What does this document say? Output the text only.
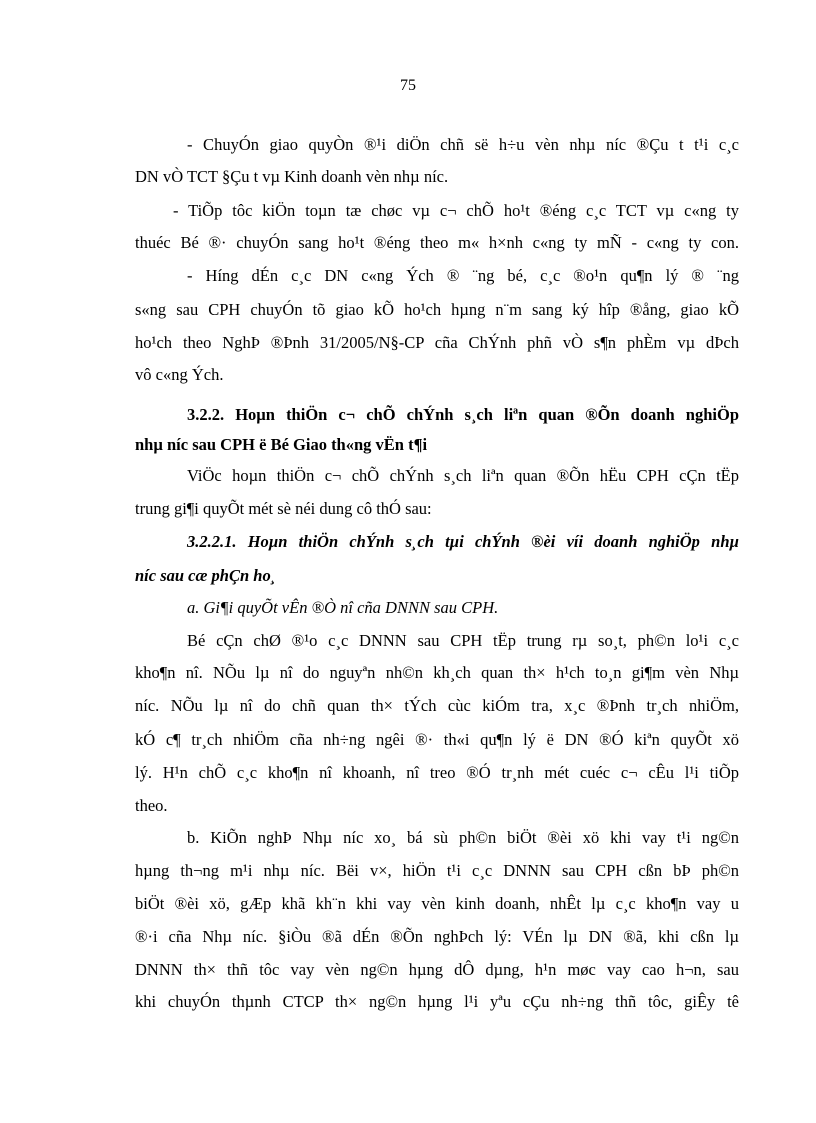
75
- ChuyÓn giao quyÒn ®¹i diÖn chñ së h÷u vèn nhµ níc ®Çu t t¹i c¸c
DN vÒ TCT §Çu t vµ Kinh doanh vèn nhµ níc.
- TiÕp tôc kiÖn toµn tæ chøc vµ c¬ chÕ ho¹t ®éng c¸c TCT vµ c«ng ty
thuéc Bé ®· chuyÓn sang ho¹t ®éng theo m« h×nh c«ng ty mÑ - c«ng ty con.
- Híng dÉn c¸c DN c«ng Ých ® ¨ng bé, c¸c ®o¹n qu¶n lý ® ¨ng
s«ng sau CPH chuyÓn tõ giao kÕ ho¹ch hµng n¨m sang ký hîp ®ång, giao kÕ
ho¹ch theo NghÞ ®Þnh 31/2005/N§-CP cña ChÝnh phñ vÒ s¶n phÈm vµ dÞch
vô c«ng Ých.
3.2.2. Hoµn thiÖn c¬ chÕ chÝnh s¸ch liªn quan ®Õn doanh nghiÖp
nhµ níc sau CPH ë Bé Giao th«ng vËn t¶i
ViÖc hoµn thiÖn c¬ chÕ chÝnh s¸ch liªn quan ®Õn hËu CPH cÇn tËp
trung gi¶i quyÕt mét sè néi dung cô thÓ sau:
3.2.2.1. Hoµn thiÖn chÝnh s¸ch tµi chÝnh ®èi víi doanh nghiÖp nhµ
níc sau cæ phÇn ho¸
a. Gi¶i quyÕt vÊn ®Ò nî cña DNNN sau CPH.
Bé cÇn chØ ®¹o c¸c DNNN sau CPH tËp trung rµ so¸t, ph©n lo¹i c¸c
kho¶n nî. NÕu lµ nî do nguyªn nh©n kh¸ch quan th× h¹ch to¸n gi¶m vèn Nhµ
níc. NÕu lµ nî do chñ quan th× tÝch cùc kiÓm tra, x¸c ®Þnh tr¸ch nhiÖm,
kÓ c¶ tr¸ch nhiÖm cña nh÷ng ngêi ®· th«i qu¶n lý ë DN ®Ó kiªn quyÕt xö
lý. H¹n chÕ c¸c kho¶n nî khoanh, nî treo ®Ó tr¸nh mét cuéc c¬ cÊu l¹i tiÕp
theo.
b. KiÕn nghÞ Nhµ níc xo¸ bá sù ph©n biÖt ®èi xö khi vay t¹i ng©n
hµng th¬ng m¹i nhµ níc. Bëi v×, hiÖn t¹i c¸c DNNN sau CPH cßn bÞ ph©n
biÖt ®èi xö, gÆp khã kh¨n khi vay vèn kinh doanh, nhÊt lµ c¸c kho¶n vay u
®·i cña Nhµ níc. §iÒu ®ã dÉn ®Õn nghÞch lý: VÉn lµ DN ®ã, khi cßn lµ
DNNN th× thñ tôc vay vèn ng©n hµng dÔ dµng, h¹n møc vay cao h¬n, sau
khi chuyÓn thµnh CTCP th× ng©n hµng l¹i yªu cÇu nh÷ng thñ tôc, giÊy tê
